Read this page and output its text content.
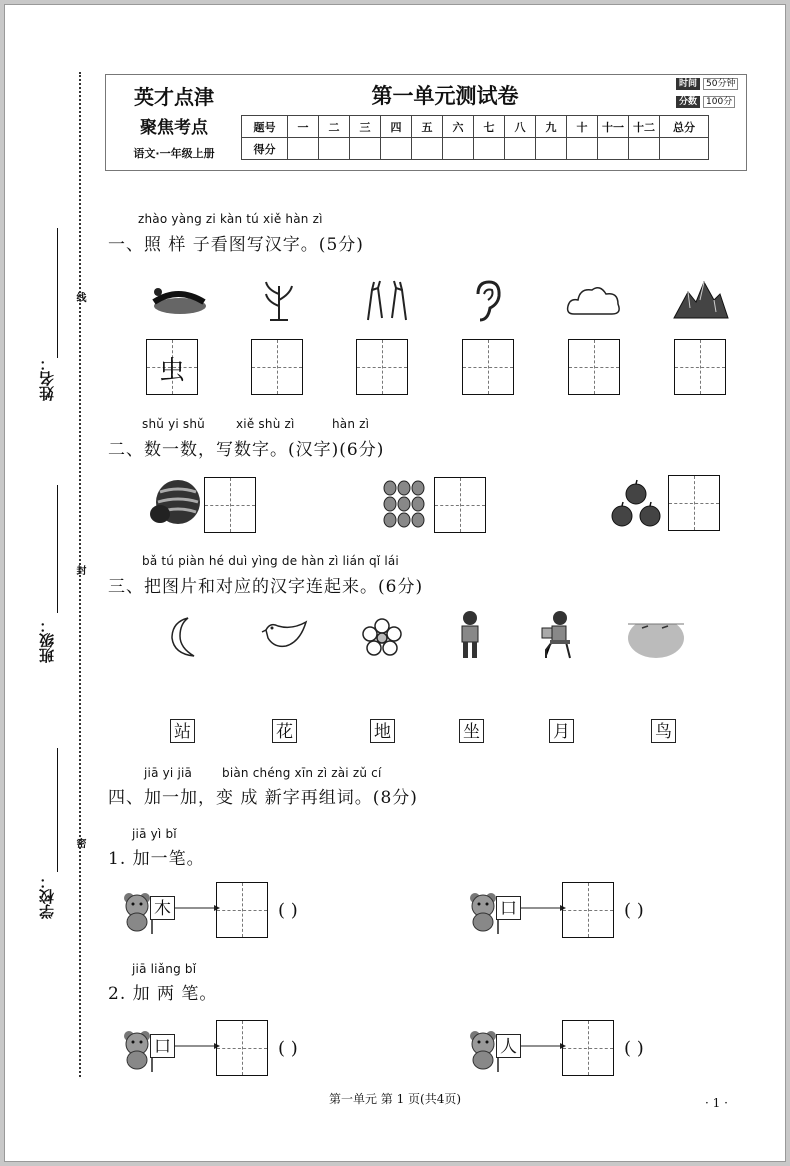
姓名：
班级：
学校：
线
封
密
英才点津
聚焦考点
语文·一年级上册
第一单元测试卷	时间 50分钟
分数 100分
题号	一	二	三	四	五	六	七	八	九	十	十一	十二	总分
得分													
zhào yàng zi kàn tú xiě hàn zì
一、照 样 子看图写汉字。(5分)
虫
shǔ yi shǔ	xiě shù zì	hàn zì
二、数一数，写数字。(汉字)(6分)
bǎ tú piàn hé duì yìng de hàn zì lián qǐ lái
三、把图片和对应的汉字连起来。(6分)
站	花	地	坐	月	鸟
jiā yi jiā biàn chéng xīn zì zài zǔ cí
四、加一加，变 成 新字再组词。(8分)
jiā yì bǐ
1. 加一笔。
木	( )	口	( )
jiā liǎng bǐ
2. 加 两 笔。
口	( )	人	( )
第一单元 第 1 页(共4页)	· 1 ·
